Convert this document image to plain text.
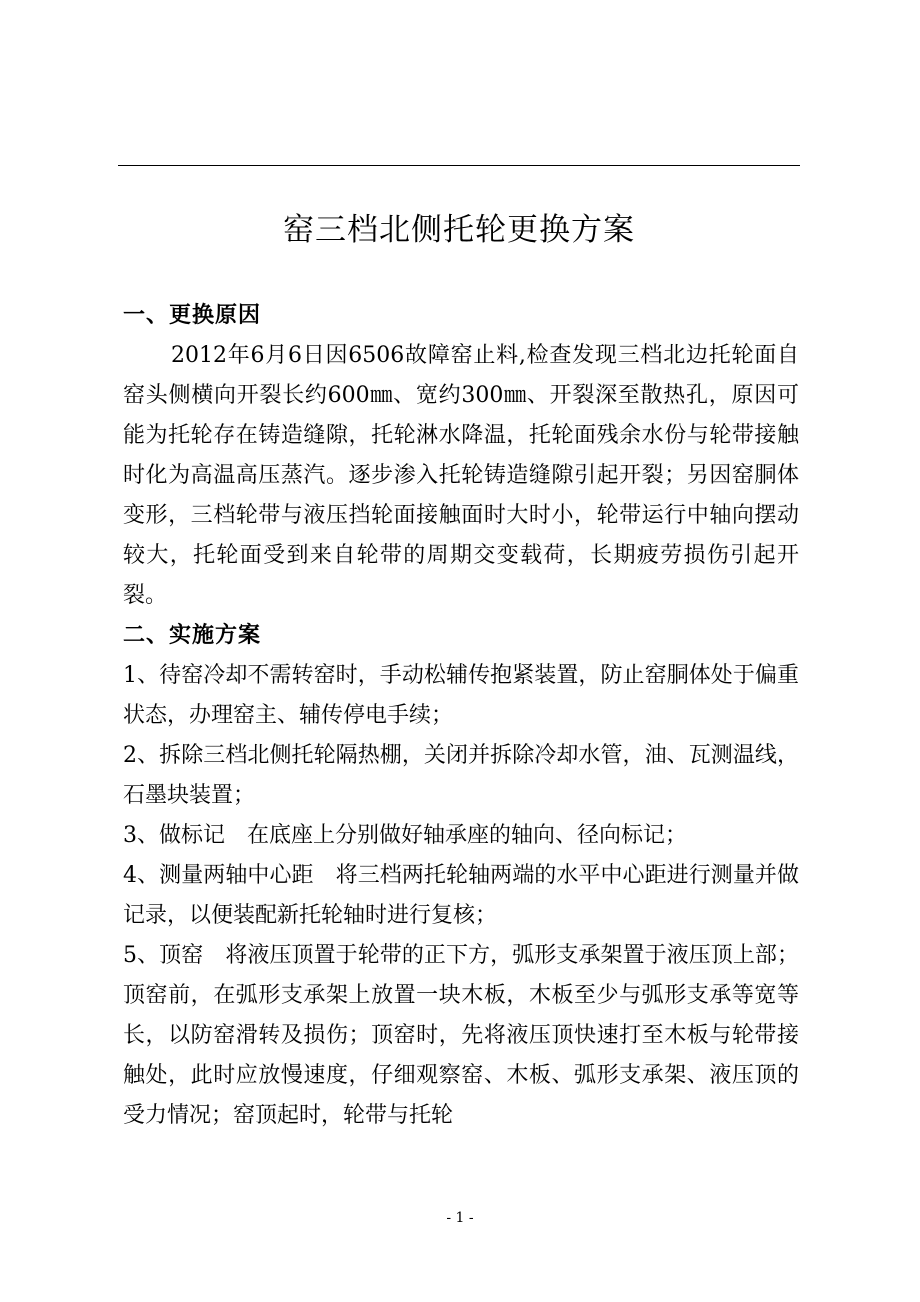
窑三档北侧托轮更换方案

一、更换原因

2012年6月6日因6506故障窑止料,检查发现三档北边托轮面自窑头侧横向开裂长约600㎜、宽约300㎜、开裂深至散热孔，原因可能为托轮存在铸造缝隙，托轮淋水降温，托轮面残余水份与轮带接触时化为高温高压蒸汽。逐步渗入托轮铸造缝隙引起开裂；另因窑胴体变形，三档轮带与液压挡轮面接触面时大时小，轮带运行中轴向摆动较大，托轮面受到来自轮带的周期交变载荷，长期疲劳损伤引起开裂。

二、实施方案

1、待窑冷却不需转窑时，手动松辅传抱紧装置，防止窑胴体处于偏重状态，办理窑主、辅传停电手续；

2、拆除三档北侧托轮隔热棚，关闭并拆除冷却水管，油、瓦测温线，石墨块装置；

3、做标记　在底座上分别做好轴承座的轴向、径向标记；

4、测量两轴中心距　将三档两托轮轴两端的水平中心距进行测量并做记录，以便装配新托轮轴时进行复核；

5、顶窑　将液压顶置于轮带的正下方，弧形支承架置于液压顶上部；顶窑前，在弧形支承架上放置一块木板，木板至少与弧形支承等宽等长，以防窑滑转及损伤；顶窑时，先将液压顶快速打至木板与轮带接触处，此时应放慢速度，仔细观察窑、木板、弧形支承架、液压顶的受力情况；窑顶起时，轮带与托轮

- 1 -
